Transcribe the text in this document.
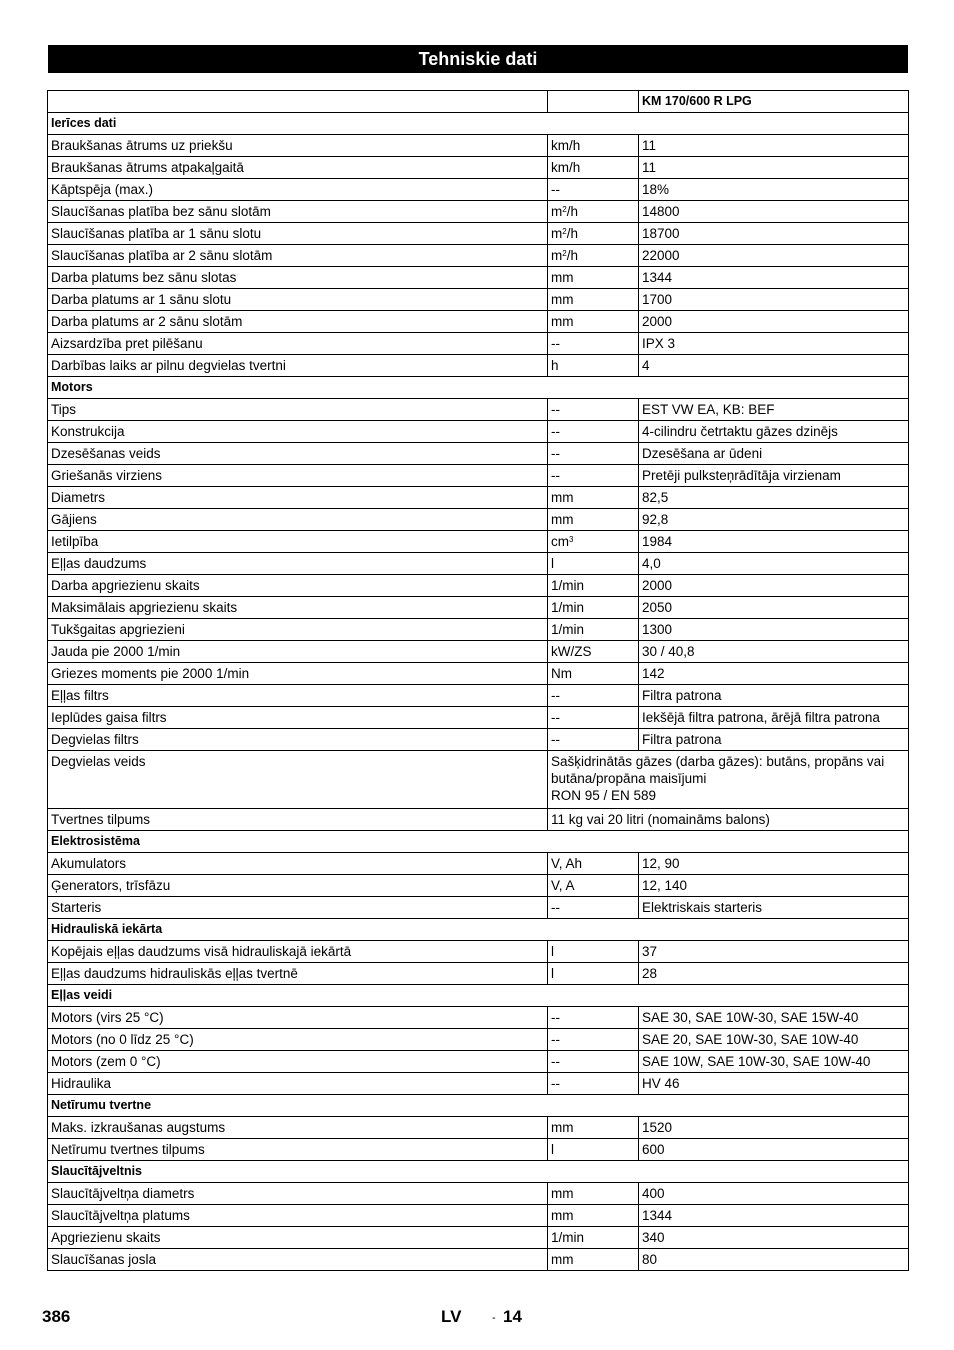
Tehniskie dati
		KM 170/600 R LPG
Ierīces dati		
Braukšanas ātrums uz priekšu	km/h	11
Braukšanas ātrums atpakaļgaitā	km/h	11
Kāptspēja (max.)	--	18%
Slaucīšanas platība bez sānu slotām	$m^2/h$	14800
Slaucīšanas platība ar 1 sānu slotu	$m^2/h$	18700
Slaucīšanas platība ar 2 sānu slotām	$m^2/h$	22000
Darba platums bez sānu slotas	mm	1344
Darba platums ar 1 sānu slotu	mm	1700
Darba platums ar 2 sānu slotām	mm	2000
Aizsardzība pret pilēšanu	--	IPX 3
Darbības laiks ar pilnu degvielas tvertni	h	4
Motors		
Tips	--	EST VW EA, KB: BEF
Konstrukcija	--	4-cilindru četrtaktu gāzes dzinējs
Dzesēšanas veids	--	Dzesēšana ar ūdeni
Griešanās virziens	--	Pretēji pulksteņrādītāja virzienam
Diametrs	mm	82,5
Gājiens	mm	92,8
Ietilpība	$cm^3$	1984
Eļļas daudzums	l	4,0
Darba apgriezienu skaits	1/min	2000
Maksimālais apgriezienu skaits	1/min	2050
Tukšgaitas apgriezieni	1/min	1300
Jauda pie 2000 1/min	kW/ZS	30 / 40,8
Griezes moments pie 2000 1/min	Nm	142
Eļļas filtrs	--	Filtra patrona
Ieplūdes gaisa filtrs	--	Iekšējā filtra patrona, ārējā filtra patrona
Degvielas filtrs	--	Filtra patrona
Degvielas veids	Sašķidrinātās gāzes (darba gāzes): butāns, propāns vai butāna/propāna maisījumi
RON 95 / EN 589	

Tvertnes tilpums	11 kg vai 20 litri (nomaināms balons)	
Elektrosistēma		
Akumulators	V, Ah	12, 90
Ģenerators, trīsfāzu	V, A	12, 140
Starteris	--	Elektriskais starteris
Hidrauliskā iekārta		
Kopējais eļļas daudzums visā hidrauliskajā iekārtā	l	37
Eļļas daudzums hidrauliskās eļļas tvertnē	l	28
Eļļas veidi		
Motors (virs 25 °C)	--	SAE 30, SAE 10W-30, SAE 15W-40
Motors (no 0 līdz 25 °C)	--	SAE 20, SAE 10W-30, SAE 10W-40
Motors (zem 0 °C)	--	SAE 10W, SAE 10W-30, SAE 10W-40
Hidraulika	--	HV 46
Netīrumu tvertne		
Maks. izkraušanas augstums	mm	1520
Netīrumu tvertnes tilpums	l	600
Slaucītājveltnis		
Slaucītājveltņa diametrs	mm	400
Slaucītājveltņa platums	mm	1344
Apgriezienu skaits	1/min	340
Slaucīšanas josla	mm	80
386	LV	- 14
